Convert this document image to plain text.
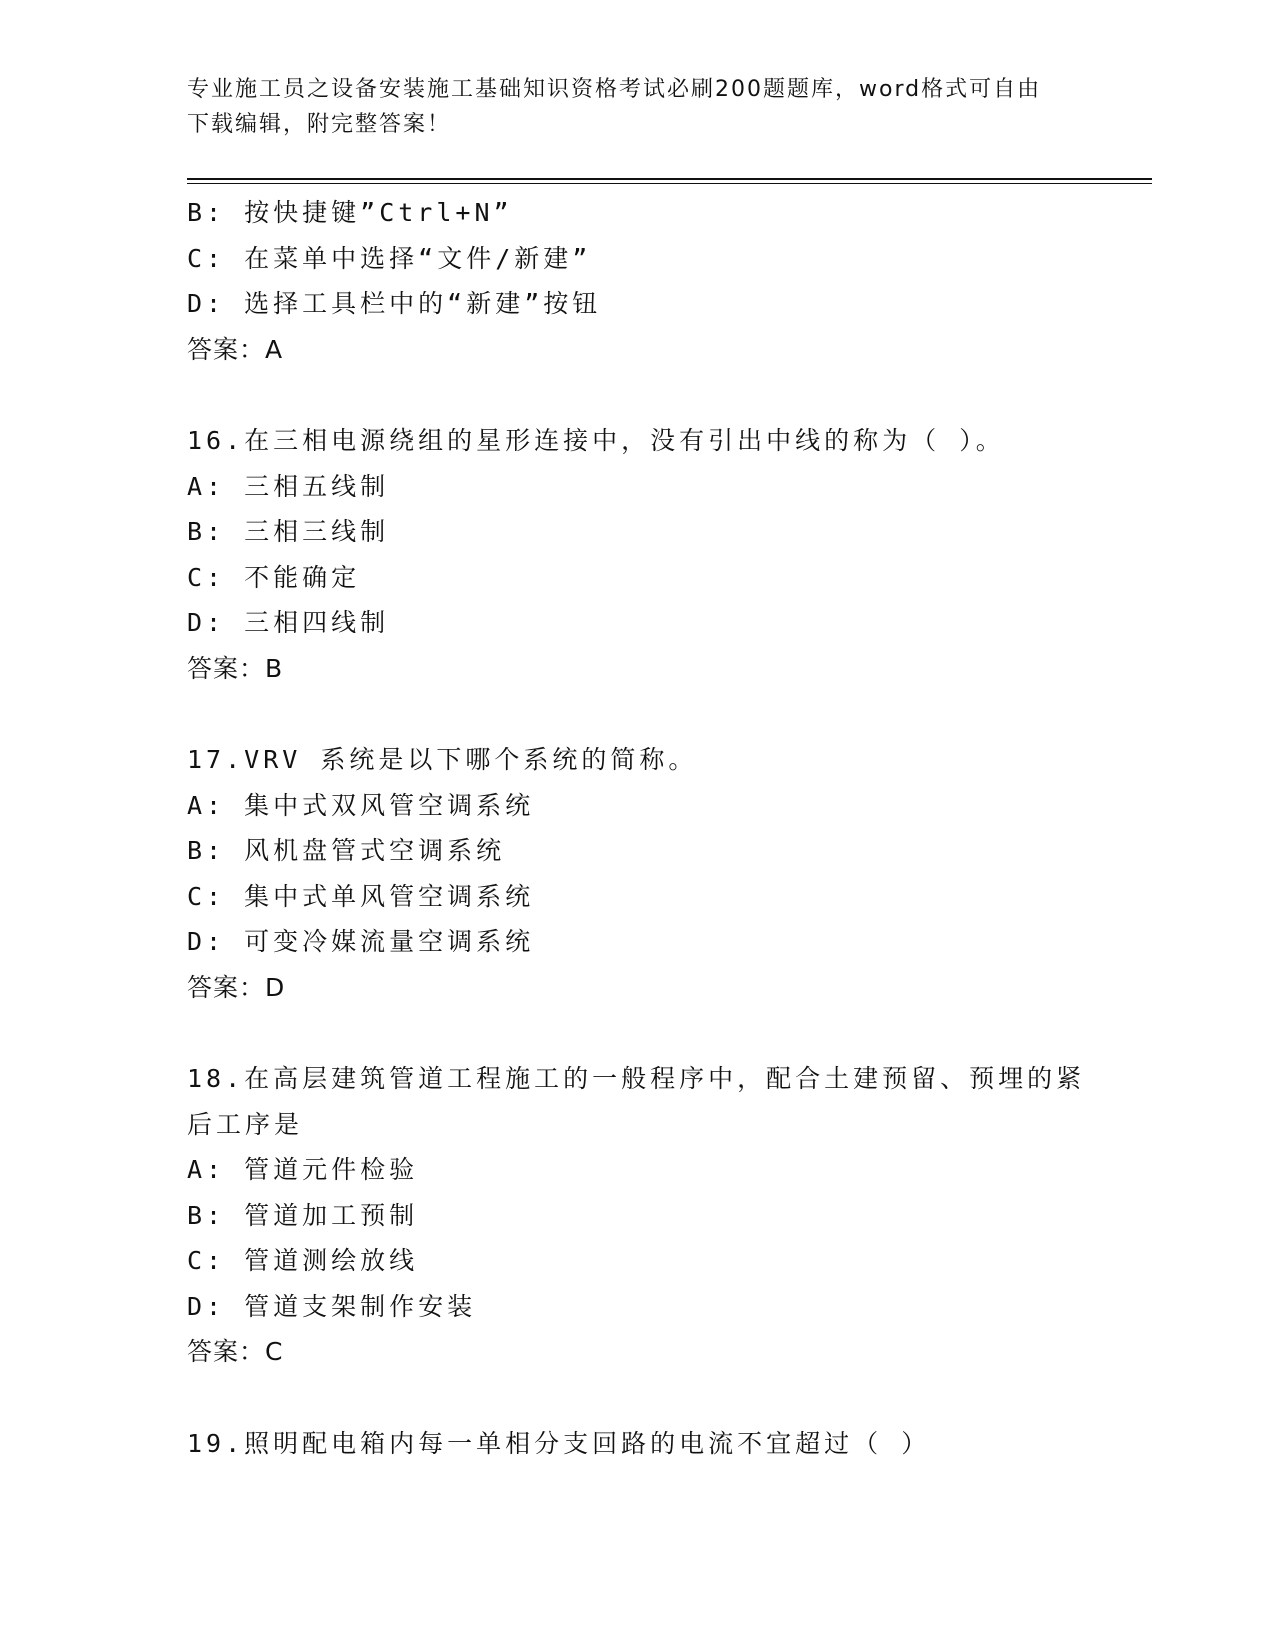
专业施工员之设备安装施工基础知识资格考试必刷200题题库，word格式可自由
下载编辑，附完整答案！
B: 按快捷键”Ctrl+N”
C: 在菜单中选择“文件/新建”
D: 选择工具栏中的“新建”按钮
答案：A
16.在三相电源绕组的星形连接中，没有引出中线的称为（ ）。
A: 三相五线制
B: 三相三线制
C: 不能确定
D: 三相四线制
答案：B
17.VRV 系统是以下哪个系统的简称。
A: 集中式双风管空调系统
B: 风机盘管式空调系统
C: 集中式单风管空调系统
D: 可变冷媒流量空调系统
答案：D
18.在高层建筑管道工程施工的一般程序中，配合土建预留、预埋的紧
后工序是
A: 管道元件检验
B: 管道加工预制
C: 管道测绘放线
D: 管道支架制作安装
答案：C
19.照明配电箱内每一单相分支回路的电流不宜超过（ ）
